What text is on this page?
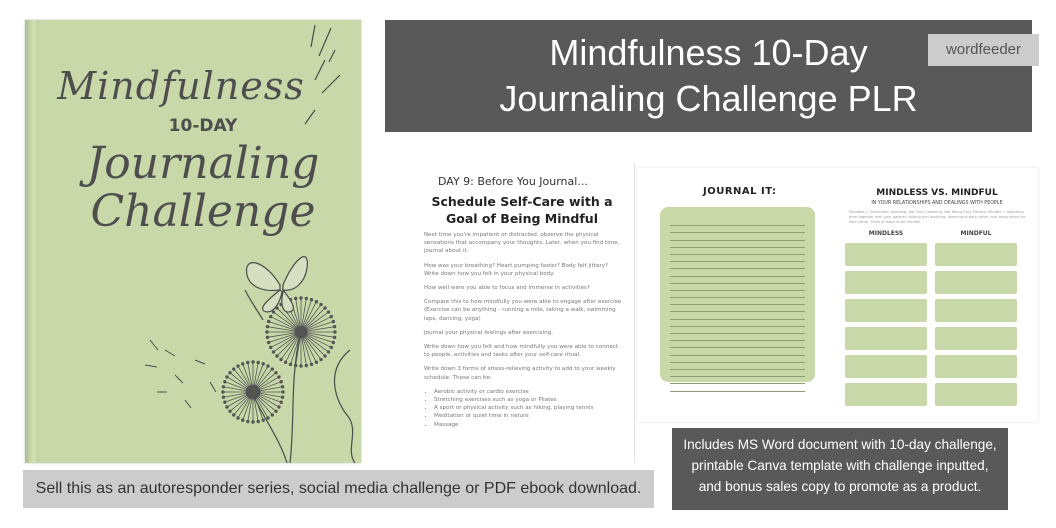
Mindfulness
10-DAY
Journaling
Challenge
Mindfulness 10-Day
Journaling Challenge PLR
wordfeeder
DAY 9: Before You Journal...
Schedule Self-Care with a
Goal of Being Mindful

Next time you're impatient or distracted, observe the physical sensations that accompany your thoughts. Later, when you find time, journal about it.

How was your breathing? Heart pumping faster? Body felt jittery? Write down how you felt in your physical body.

How well were you able to focus and immerse in activities?

Compare this to how mindfully you were able to engage after exercise. (Exercise can be anything - running a mile, taking a walk, swimming laps, dancing, yoga)

Journal your physical feelings after exercising.

Write down how you felt and how mindfully you were able to connect to people, activities and tasks after your self-care ritual.

Write down 3 forms of stress-relieving activity to add to your weekly schedule. These can be:

• Aerobic activity or cardio exercise
• Stretching exercises such as yoga or Pilates
• A sport or physical activity such as hiking, playing tennis
• Meditation or quiet time in nature
• Massage
JOURNAL IT:	MINDLESS VS. MINDFUL
IN YOUR RELATIONSHIPS AND DEALINGS WITH PEOPLE
Mindless = Distracted, Avoiding, Not Truly Listening, Not Being Fully Present. Mindful = Spending time together with your partner, talking and laughing, listening to each other, and being there for each other. Think of ways to be mindful.
MINDLESS	MINDFUL
Sell this as an autoresponder series, social media challenge or PDF ebook download.
Includes MS Word document with 10-day challenge,
printable Canva template with challenge inputted,
and bonus sales copy to promote as a product.
